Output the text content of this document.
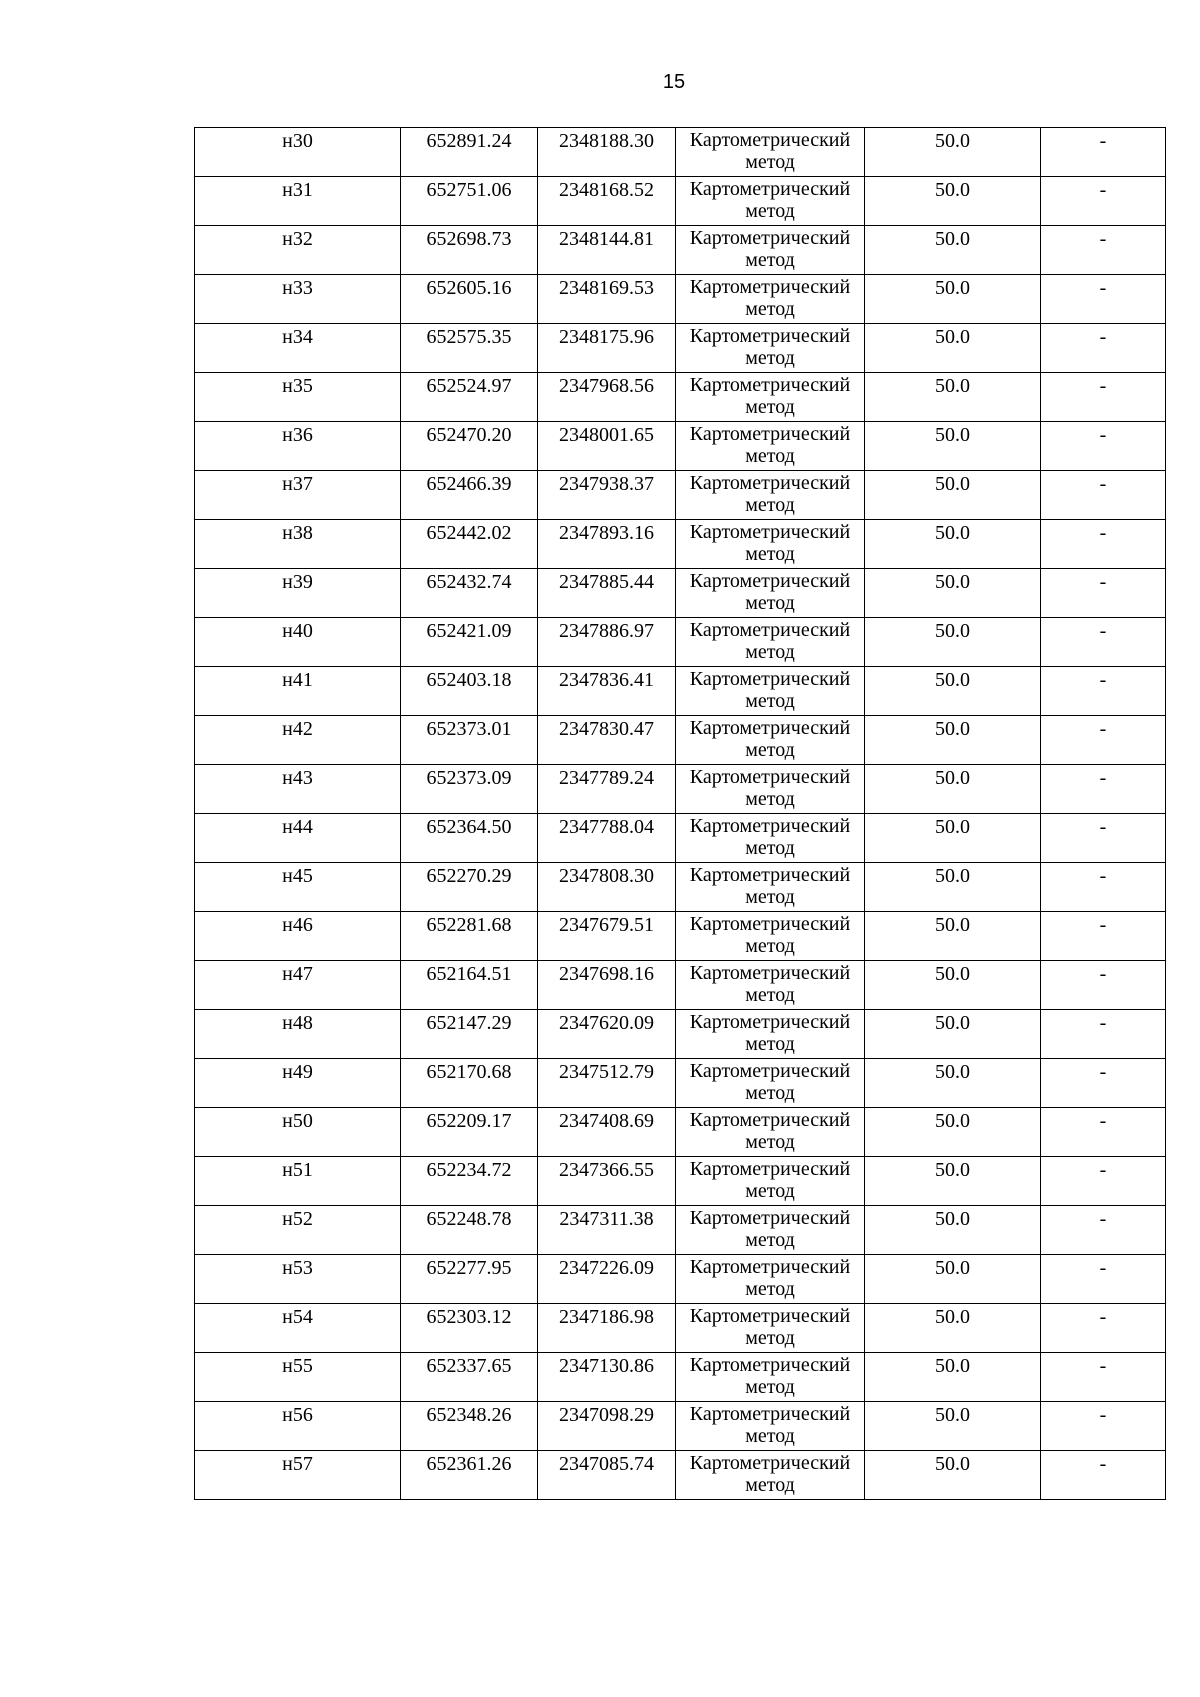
15
н30	652891.24	2348188.30	Картометрический метод	50.0	-

н31	652751.06	2348168.52	Картометрический метод	50.0	-

н32	652698.73	2348144.81	Картометрический метод	50.0	-

н33	652605.16	2348169.53	Картометрический метод	50.0	-

н34	652575.35	2348175.96	Картометрический метод	50.0	-

н35	652524.97	2347968.56	Картометрический метод	50.0	-

н36	652470.20	2348001.65	Картометрический метод	50.0	-

н37	652466.39	2347938.37	Картометрический метод	50.0	-

н38	652442.02	2347893.16	Картометрический метод	50.0	-

н39	652432.74	2347885.44	Картометрический метод	50.0	-

н40	652421.09	2347886.97	Картометрический метод	50.0	-

н41	652403.18	2347836.41	Картометрический метод	50.0	-

н42	652373.01	2347830.47	Картометрический метод	50.0	-

н43	652373.09	2347789.24	Картометрический метод	50.0	-

н44	652364.50	2347788.04	Картометрический метод	50.0	-

н45	652270.29	2347808.30	Картометрический метод	50.0	-

н46	652281.68	2347679.51	Картометрический метод	50.0	-

н47	652164.51	2347698.16	Картометрический метод	50.0	-

н48	652147.29	2347620.09	Картометрический метод	50.0	-

н49	652170.68	2347512.79	Картометрический метод	50.0	-

н50	652209.17	2347408.69	Картометрический метод	50.0	-

н51	652234.72	2347366.55	Картометрический метод	50.0	-

н52	652248.78	2347311.38	Картометрический метод	50.0	-

н53	652277.95	2347226.09	Картометрический метод	50.0	-

н54	652303.12	2347186.98	Картометрический метод	50.0	-

н55	652337.65	2347130.86	Картометрический метод	50.0	-

н56	652348.26	2347098.29	Картометрический метод	50.0	-

н57	652361.26	2347085.74	Картометрический метод	50.0	-
